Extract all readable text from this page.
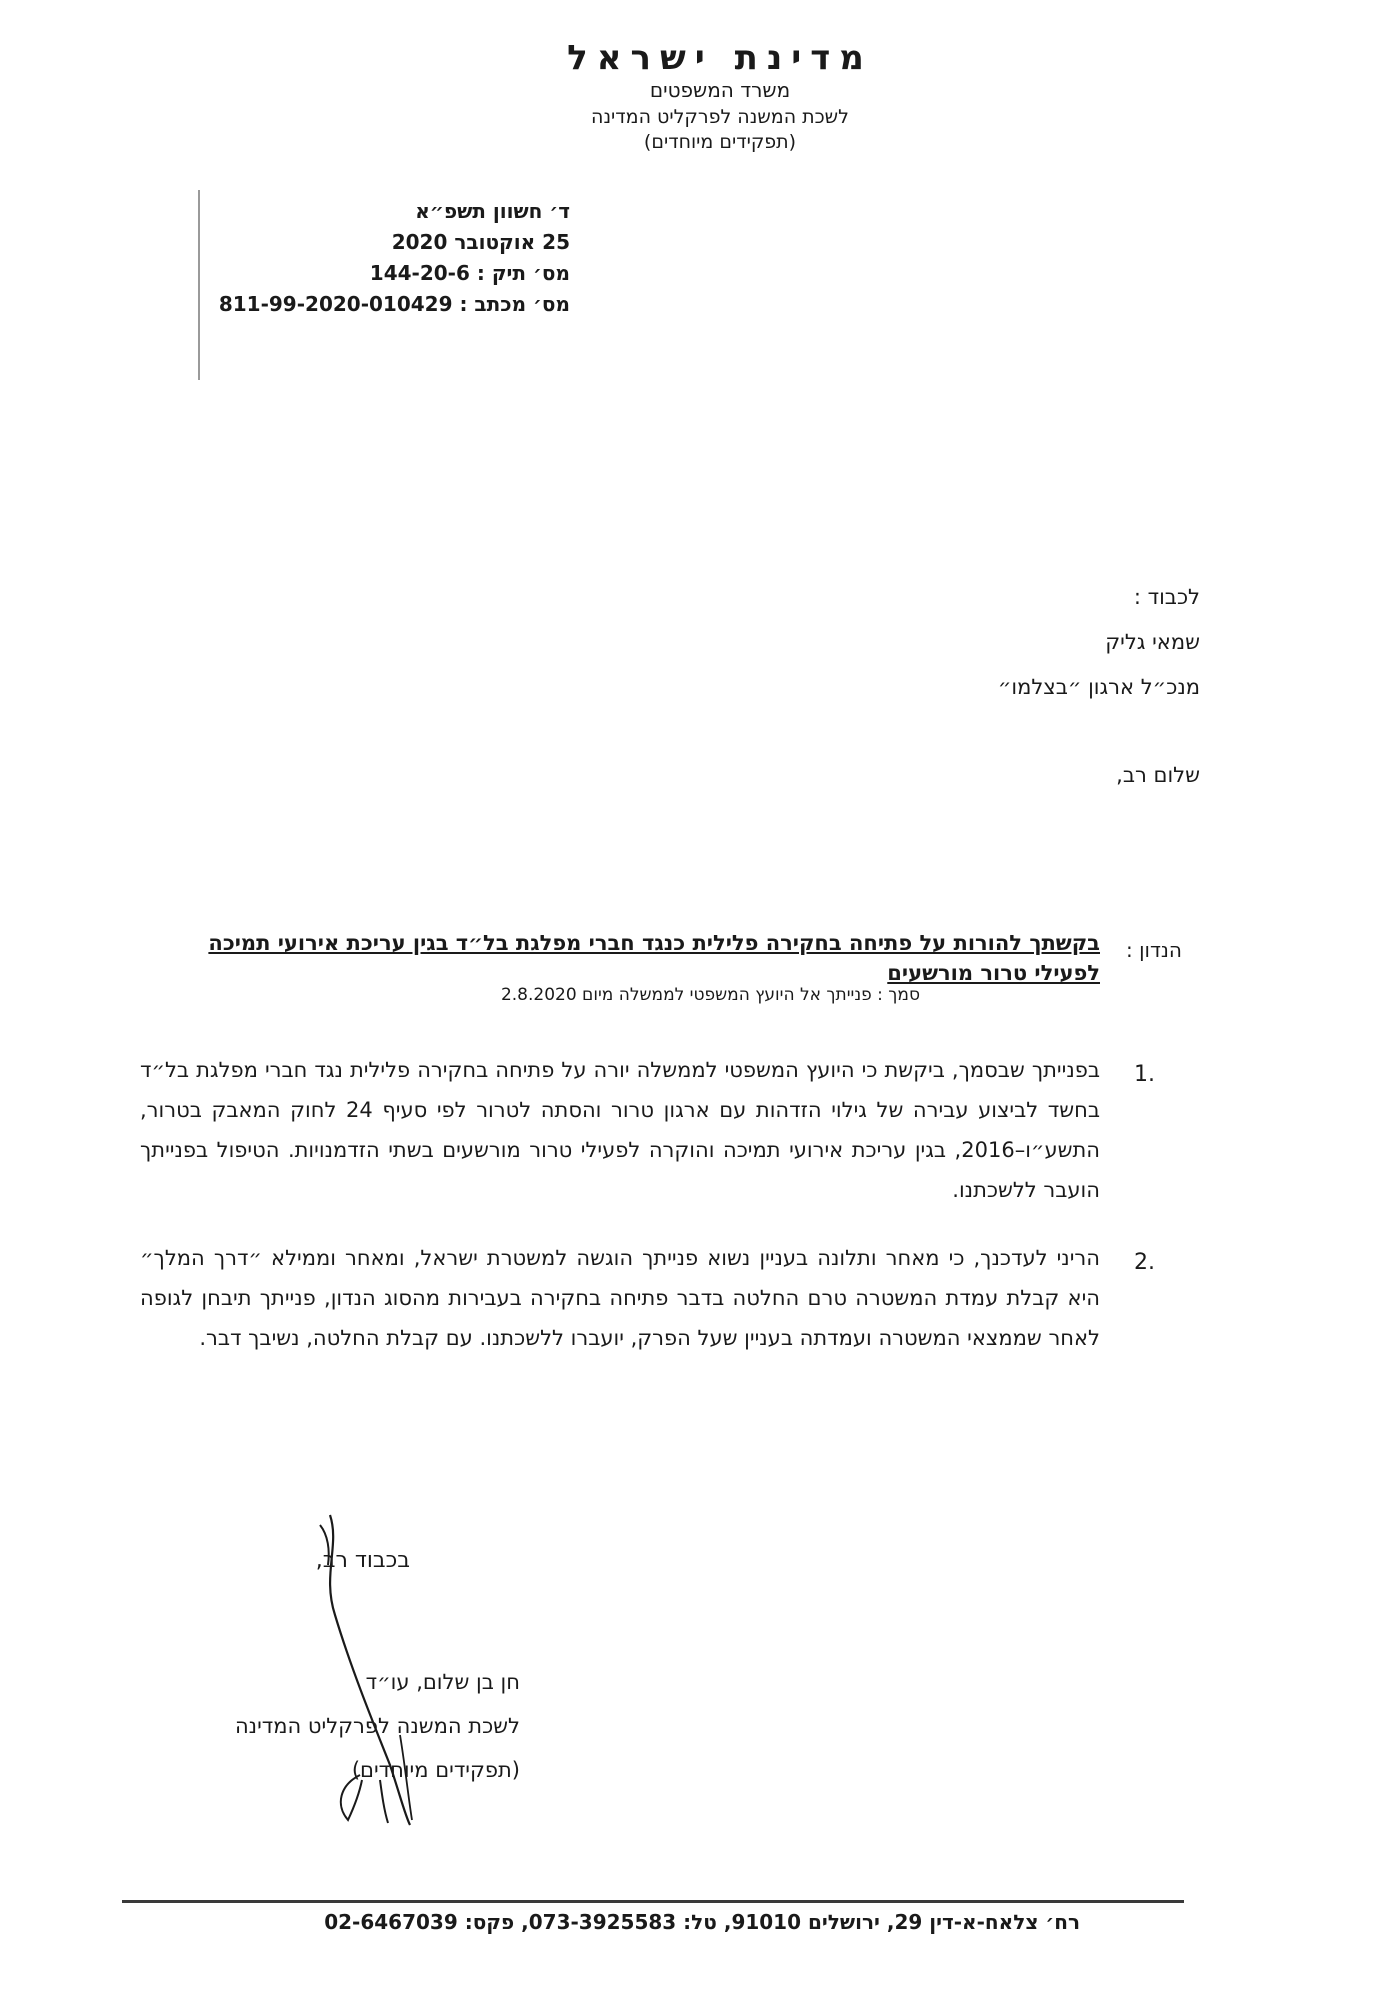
מדינת ישראל
משרד המשפטים
לשכת המשנה לפרקליט המדינה
(תפקידים מיוחדים)
ד׳ חשוון תשפ״א
25 אוקטובר 2020
מס׳ תיק : 144-20-6
מס׳ מכתב : 811-99-2020-010429
לכבוד :
שמאי גליק
מנכ״ל ארגון ״בצלמו״
שלום רב,
הנדון :
בקשתך להורות על פתיחה בחקירה פלילית כנגד חברי מפלגת בל״ד בגין עריכת אירועי תמיכה לפעילי טרור מורשעים
סמך : פנייתך אל היועץ המשפטי לממשלה מיום 2.8.2020
1.
בפנייתך שבסמך, ביקשת כי היועץ המשפטי לממשלה יורה על פתיחה בחקירה פלילית נגד חברי מפלגת בל״ד בחשד לביצוע עבירה של גילוי הזדהות עם ארגון טרור והסתה לטרור לפי סעיף 24 לחוק המאבק בטרור, התשע״ו–2016, בגין עריכת אירועי תמיכה והוקרה לפעילי טרור מורשעים בשתי הזדמנויות. הטיפול בפנייתך הועבר ללשכתנו.
2.
הריני לעדכנך, כי מאחר ותלונה בעניין נשוא פנייתך הוגשה למשטרת ישראל, ומאחר וממילא ״דרך המלך״ היא קבלת עמדת המשטרה טרם החלטה בדבר פתיחה בחקירה בעבירות מהסוג הנדון, פנייתך תיבחן לגופה לאחר שממצאי המשטרה ועמדתה בעניין שעל הפרק, יועברו ללשכתנו. עם קבלת החלטה, נשיבך דבר.
בכבוד רב,
חן בן שלום, עו״ד
לשכת המשנה לפרקליט המדינה
(תפקידים מיוחדים)
רח׳ צלאח-א-דין 29, ירושלים 91010, טל: 073-3925583, פקס: 02-6467039
